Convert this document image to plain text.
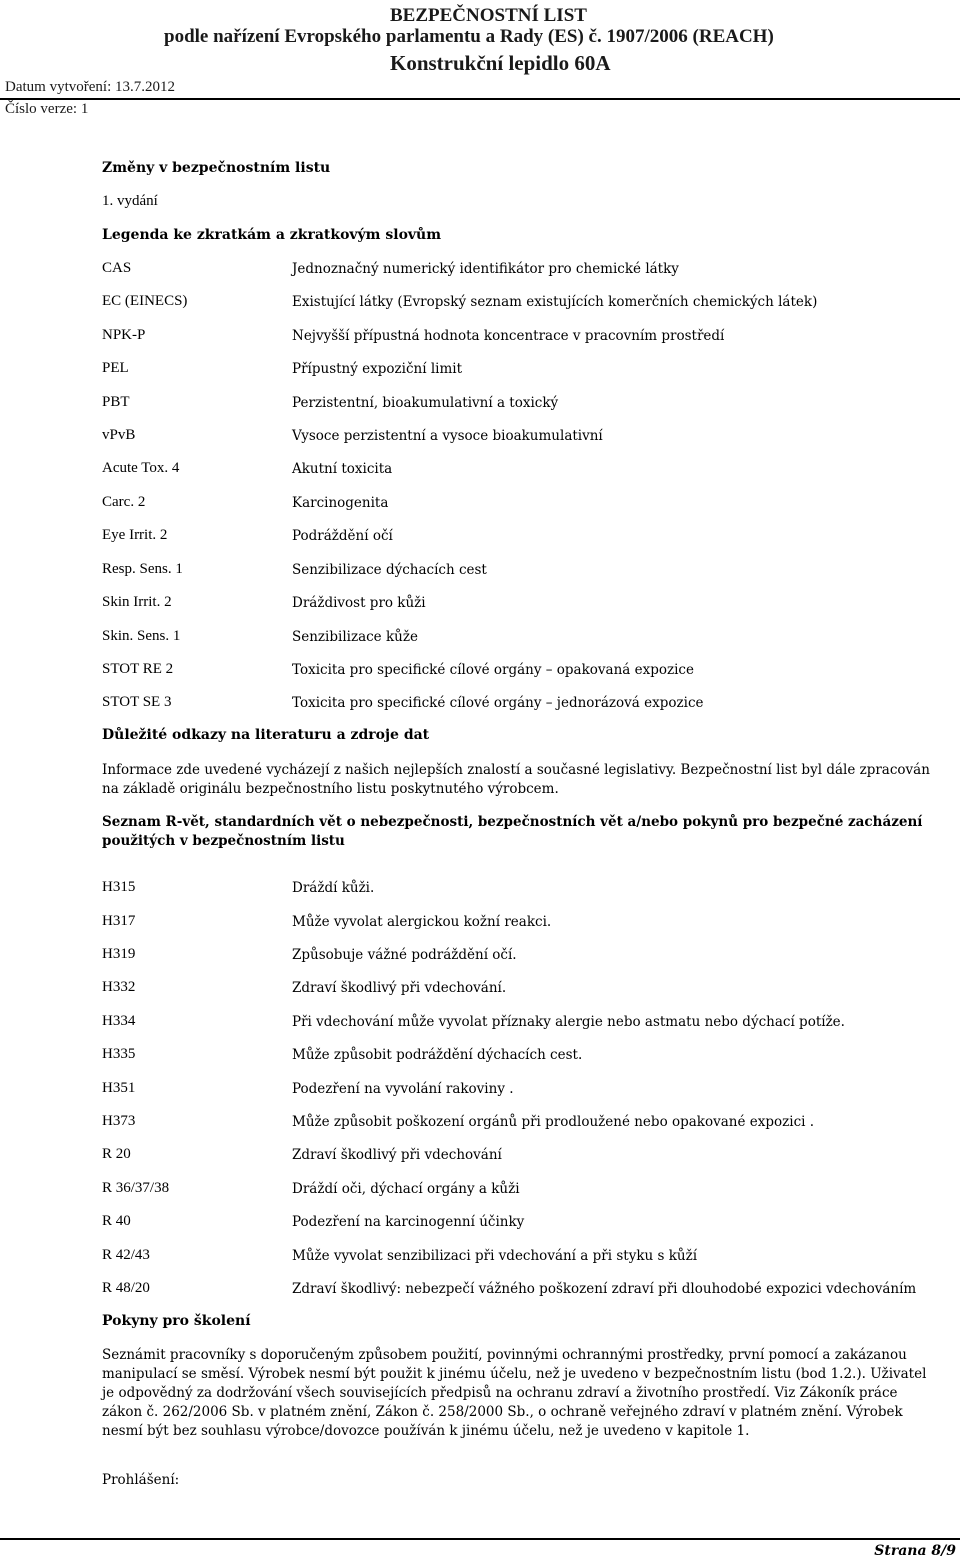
BEZPEČNOSTNÍ LIST
podle nařízení Evropského parlamentu a Rady (ES) č. 1907/2006 (REACH)
Konstrukční lepidlo 60A
Datum vytvoření: 13.7.2012
Číslo verze: 1
Změny v bezpečnostním listu
1. vydání
Legenda ke zkratkám a zkratkovým slovům
CAS	Jednoznačný numerický identifikátor pro chemické látky
EC (EINECS)	Existující látky (Evropský seznam existujících komerčních chemických látek)
NPK-P	Nejvyšší přípustná hodnota koncentrace v pracovním prostředí
PEL	Přípustný expoziční limit
PBT	Perzistentní, bioakumulativní a toxický
vPvB	Vysoce perzistentní a vysoce bioakumulativní
Acute Tox. 4	Akutní toxicita
Carc. 2	Karcinogenita
Eye Irrit. 2	Podráždění očí
Resp. Sens. 1	Senzibilizace dýchacích cest
Skin Irrit. 2	Dráždivost pro kůži
Skin. Sens. 1	Senzibilizace kůže
STOT RE 2	Toxicita pro specifické cílové orgány – opakovaná expozice
STOT SE 3	Toxicita pro specifické cílové orgány – jednorázová expozice
Důležité odkazy na literaturu a zdroje dat
Informace zde uvedené vycházejí z našich nejlepších znalostí a současné legislativy. Bezpečnostní list byl dále zpracován
na základě originálu bezpečnostního listu poskytnutého výrobcem.
Seznam R-vět, standardních vět o nebezpečnosti, bezpečnostních vět a/nebo pokynů pro bezpečné zacházení
použitých v bezpečnostním listu
H315	Dráždí kůži.
H317	Může vyvolat alergickou kožní reakci.
H319	Způsobuje vážné podráždění očí.
H332	Zdraví škodlivý při vdechování.
H334	Při vdechování může vyvolat příznaky alergie nebo astmatu nebo dýchací potíže.
H335	Může způsobit podráždění dýchacích cest.
H351	Podezření na vyvolání rakoviny .
H373	Může způsobit poškození orgánů při prodloužené nebo opakované expozici .
R 20	Zdraví škodlivý při vdechování
R 36/37/38	Dráždí oči, dýchací orgány a kůži
R 40	Podezření na karcinogenní účinky
R 42/43	Může vyvolat senzibilizaci při vdechování a při styku s kůží
R 48/20	Zdraví škodlivý: nebezpečí vážného poškození zdraví při dlouhodobé expozici vdechováním
Pokyny pro školení
Seznámit pracovníky s doporučeným způsobem použití, povinnými ochrannými prostředky, první pomocí a zakázanou
manipulací se směsí. Výrobek nesmí být použit k jinému účelu, než je uvedeno v bezpečnostním listu (bod 1.2.). Uživatel
je odpovědný za dodržování všech souvisejících předpisů na ochranu zdraví a životního prostředí. Viz Zákoník práce
zákon č. 262/2006 Sb. v platném znění, Zákon č. 258/2000 Sb., o ochraně veřejného zdraví v platném znění. Výrobek
nesmí být bez souhlasu výrobce/dovozce používán k jinému účelu, než je uvedeno v kapitole 1.
Prohlášení:
Strana 8/9
